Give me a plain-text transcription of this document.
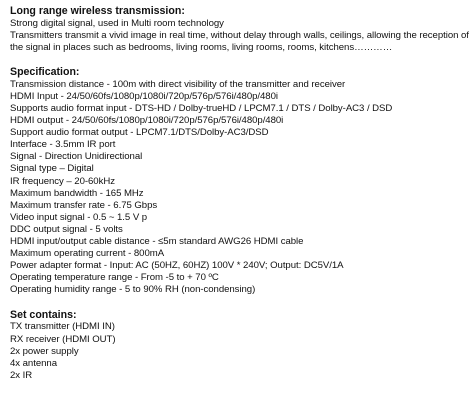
Long range wireless transmission:

Strong digital signal, used in Multi room technology

Transmitters transmit a vivid image in real time, without delay through walls, ceilings, allowing the reception of

the signal in places such as bedrooms, living rooms, living rooms, rooms, kitchens…………

Specification:

Transmission distance - 100m with direct visibility of the transmitter and receiver

HDMI Input - 24/50/60fs/1080p/1080i/720p/576p/576i/480p/480i

Supports audio format input - DTS-HD / Dolby-trueHD / LPCM7.1 / DTS / Dolby-AC3 / DSD

HDMI output - 24/50/60fs/1080p/1080i/720p/576p/576i/480p/480i

Support audio format output - LPCM7.1/DTS/Dolby-AC3/DSD

Interface - 3.5mm IR port

Signal - Direction Unidirectional

Signal type – Digital

IR frequency – 20-60kHz

Maximum bandwidth - 165 MHz

Maximum transfer rate - 6.75 Gbps

Video input signal - 0.5 ~ 1.5 V p

DDC output signal - 5 volts

HDMI input/output cable distance - ≤5m standard AWG26 HDMI cable

Maximum operating current - 800mA

Power adapter format - Input: AC (50HZ, 60HZ) 100V * 240V; Output: DC5V/1A

Operating temperature range - From -5 to + 70 ºC

Operating humidity range - 5 to 90% RH (non-condensing)

Set contains:

TX transmitter (HDMI IN)

RX receiver (HDMI OUT)

2x power supply

4x antenna

2x IR
